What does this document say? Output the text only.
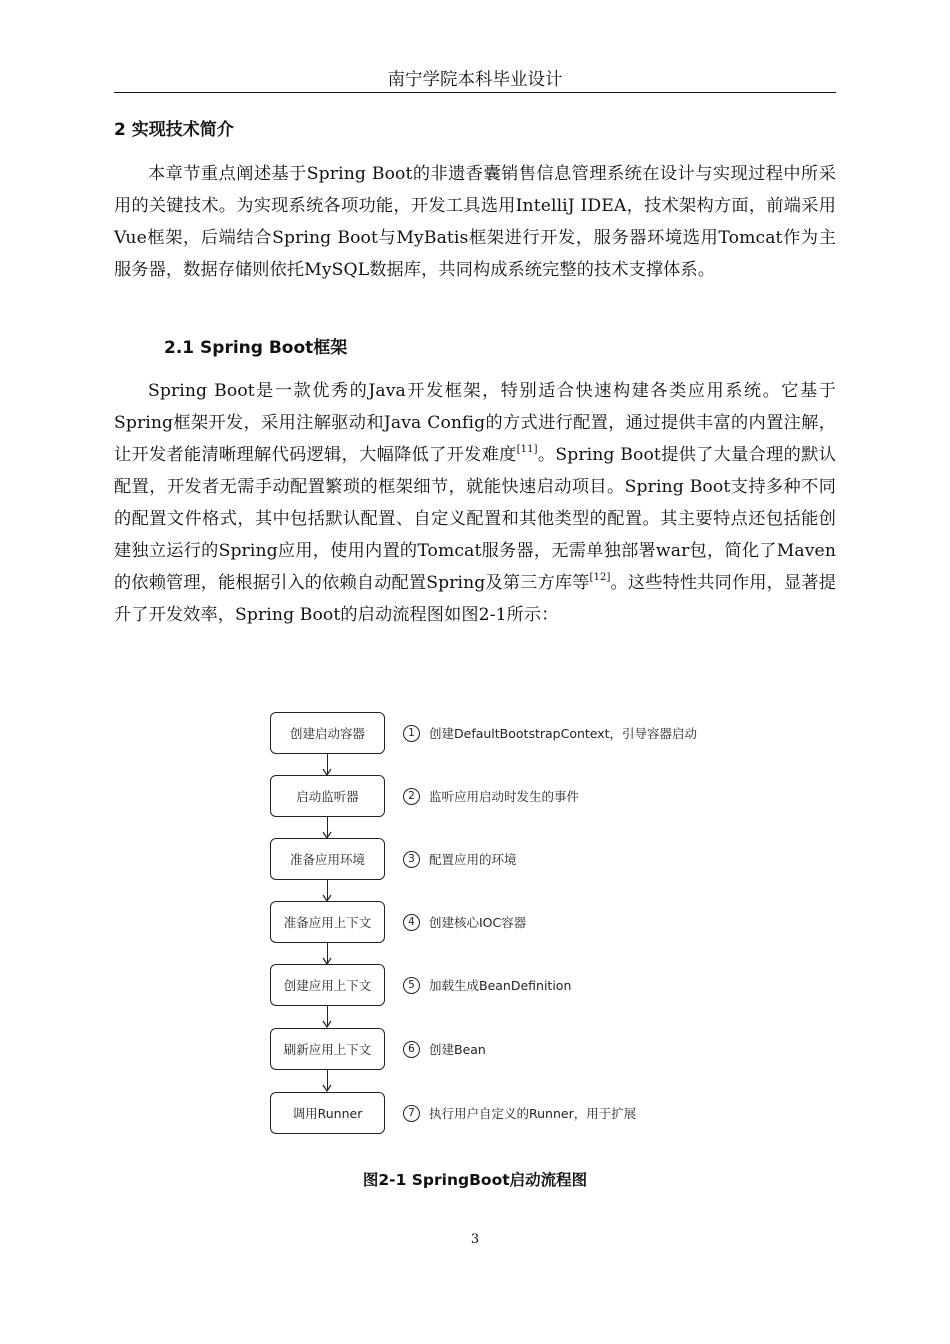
南宁学院本科毕业设计
2 实现技术简介
本章节重点阐述基于Spring Boot的非遗香囊销售信息管理系统在设计与实现过程中所采用的关键技术。为实现系统各项功能，开发工具选用IntelliJ IDEA，技术架构方面，前端采用Vue框架，后端结合Spring Boot与MyBatis框架进行开发，服务器环境选用Tomcat作为主服务器，数据存储则依托MySQL数据库，共同构成系统完整的技术支撑体系。
2.1 Spring Boot框架
Spring Boot是一款优秀的Java开发框架，特别适合快速构建各类应用系统。它基于Spring框架开发，采用注解驱动和Java Config的方式进行配置，通过提供丰富的内置注解，让开发者能清晰理解代码逻辑，大幅降低了开发难度[11]。Spring Boot提供了大量合理的默认配置，开发者无需手动配置繁琐的框架细节，就能快速启动项目。Spring Boot支持多种不同的配置文件格式，其中包括默认配置、自定义配置和其他类型的配置。其主要特点还包括能创建独立运行的Spring应用，使用内置的Tomcat服务器，无需单独部署war包，简化了Maven的依赖管理，能根据引入的依赖自动配置Spring及第三方库等[12]。这些特性共同作用，显著提升了开发效率，Spring Boot的启动流程图如图2-1所示：
创建启动容器
启动监听器
准备应用环境
准备应用上下文
创建应用上下文
刷新应用上下文
调用Runner
1	创建DefaultBootstrapContext，引导容器启动
2	监听应用启动时发生的事件
3	配置应用的环境
4	创建核心IOC容器
5	加载生成BeanDefinition
6	创建Bean
7	执行用户自定义的Runner，用于扩展
图2-1 SpringBoot启动流程图
3
